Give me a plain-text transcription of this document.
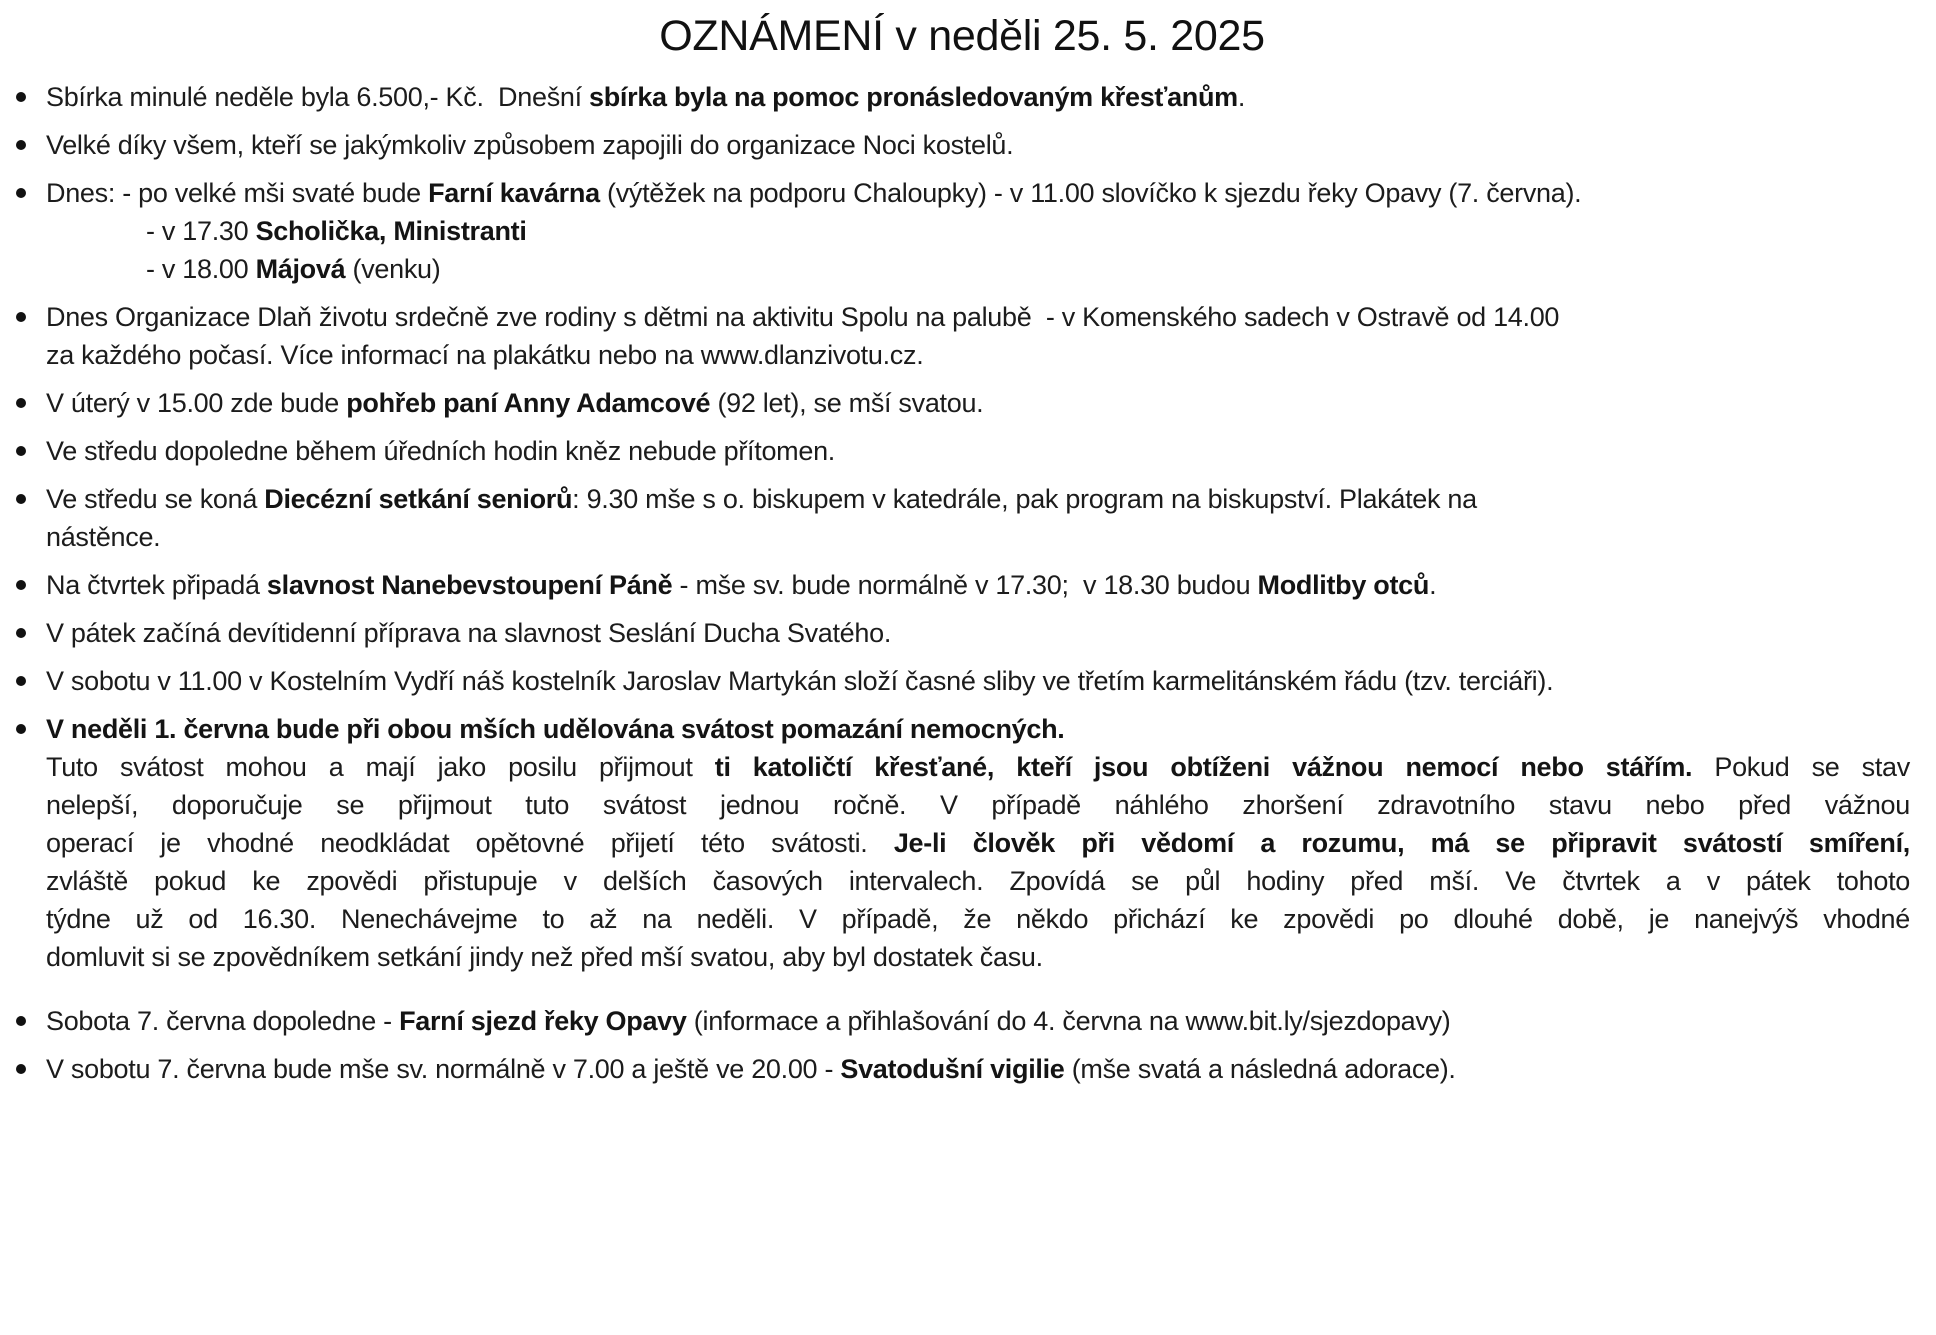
OZNÁMENÍ v neděli 25. 5. 2025
Sbírka minulé neděle byla 6.500,- Kč.  Dnešní sbírka byla na pomoc pronásledovaným křesťanům.
Velké díky všem, kteří se jakýmkoliv způsobem zapojili do organizace Noci kostelů.
Dnes: - po velké mši svaté bude Farní kavárna (výtěžek na podporu Chaloupky) - v 11.00 slovíčko k sjezdu řeky Opavy (7. června).
- v 17.30 Scholička, Ministranti
- v 18.00 Májová (venku)
Dnes Organizace Dlaň životu srdečně zve rodiny s dětmi na aktivitu Spolu na palubě  - v Komenského sadech v Ostravě od 14.00
za každého počasí. Více informací na plakátku nebo na www.dlanzivotu.cz.
V úterý v 15.00 zde bude pohřeb paní Anny Adamcové (92 let), se mší svatou.
Ve středu dopoledne během úředních hodin kněz nebude přítomen.
Ve středu se koná Diecézní setkání seniorů: 9.30 mše s o. biskupem v katedrále, pak program na biskupství. Plakátek na
nástěnce.
Na čtvrtek připadá slavnost Nanebevstoupení Páně - mše sv. bude normálně v 17.30;  v 18.30 budou Modlitby otců.
V pátek začíná devítidenní příprava na slavnost Seslání Ducha Svatého.
V sobotu v 11.00 v Kostelním Vydří náš kostelník Jaroslav Martykán složí časné sliby ve třetím karmelitánském řádu (tzv. terciáři).
V neděli 1. června bude při obou mších udělována svátost pomazání nemocných.
Tuto svátost mohou a mají jako posilu přijmout ti katoličtí křesťané, kteří jsou obtíženi vážnou nemocí nebo stářím. Pokud se stav
nelepší, doporučuje se přijmout tuto svátost jednou ročně. V případě náhlého zhoršení zdravotního stavu nebo před vážnou
operací je vhodné neodkládat opětovné přijetí této svátosti. Je-li člověk při vědomí a rozumu, má se připravit svátostí smíření,
zvláště pokud ke zpovědi přistupuje v delších časových intervalech. Zpovídá se půl hodiny před mší. Ve čtvrtek a v pátek tohoto
týdne už od 16.30. Nenechávejme to až na neděli. V případě, že někdo přichází ke zpovědi po dlouhé době, je nanejvýš vhodné
domluvit si se zpovědníkem setkání jindy než před mší svatou, aby byl dostatek času.
Sobota 7. června dopoledne - Farní sjezd řeky Opavy (informace a přihlašování do 4. června na www.bit.ly/sjezdopavy)
V sobotu 7. června bude mše sv. normálně v 7.00 a ještě ve 20.00 - Svatodušní vigilie (mše svatá a následná adorace).
